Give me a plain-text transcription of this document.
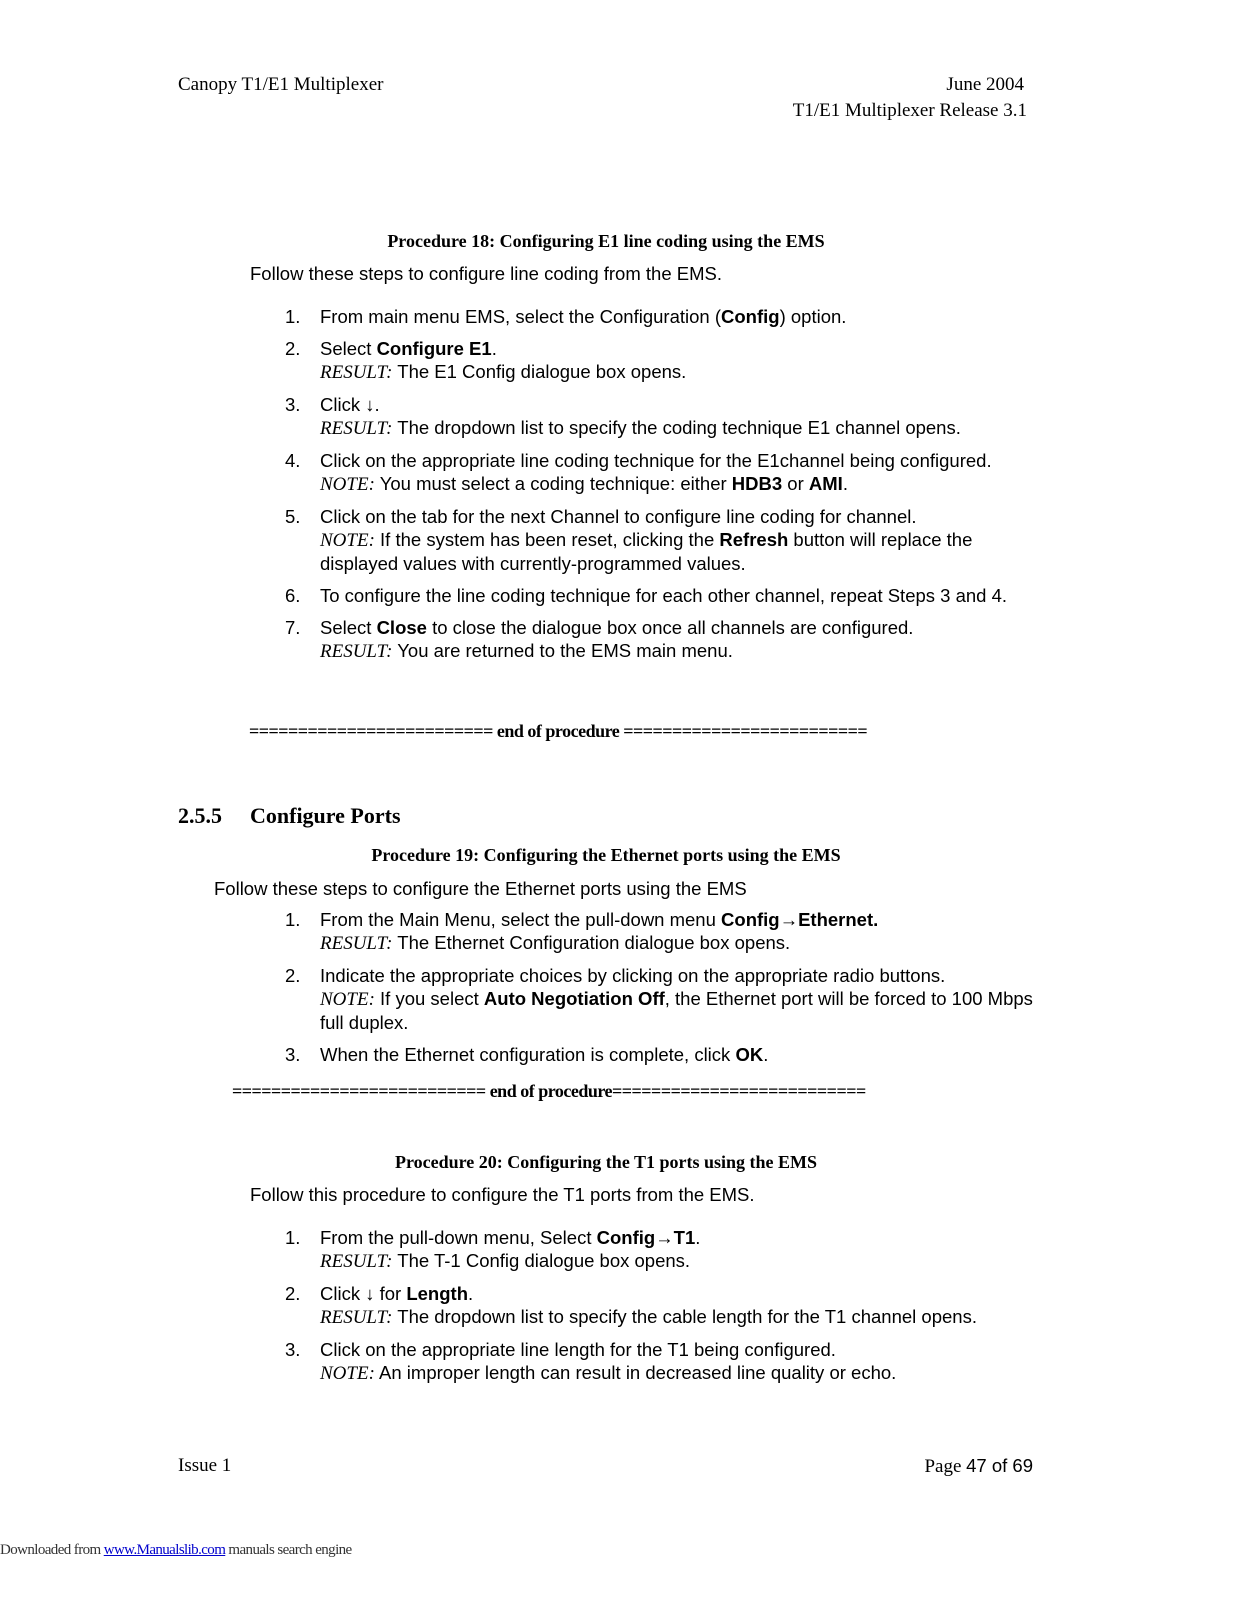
Canopy T1/E1 Multiplexer	June 2004
T1/E1 Multiplexer Release 3.1
Procedure 18: Configuring E1 line coding using the EMS
Follow these steps to configure line coding from the EMS.
1. From main menu EMS, select the Configuration (Config) option.
2. Select Configure E1.
RESULT: The E1 Config dialogue box opens.
3. Click ↓.
RESULT: The dropdown list to specify the coding technique E1 channel opens.
4. Click on the appropriate line coding technique for the E1channel being configured.
NOTE: You must select a coding technique: either HDB3 or AMI.
5. Click on the tab for the next Channel to configure line coding for channel.
NOTE: If the system has been reset, clicking the Refresh button will replace the displayed values with currently-programmed values.
6. To configure the line coding technique for each other channel, repeat Steps 3 and 4.
7. Select Close to close the dialogue box once all channels are configured.
RESULT: You are returned to the EMS main menu.
========================= end of procedure =========================
2.5.5 Configure Ports
Procedure 19: Configuring the Ethernet ports using the EMS
Follow these steps to configure the Ethernet ports using the EMS
1. From the Main Menu, select the pull-down menu Config→Ethernet.
RESULT: The Ethernet Configuration dialogue box opens.
2. Indicate the appropriate choices by clicking on the appropriate radio buttons.
NOTE: If you select Auto Negotiation Off, the Ethernet port will be forced to 100 Mbps full duplex.
3. When the Ethernet configuration is complete, click OK.
========================== end of procedure==========================
Procedure 20: Configuring the T1 ports using the EMS
Follow this procedure to configure the T1 ports from the EMS.
1. From the pull-down menu, Select Config→T1.
RESULT: The T-1 Config dialogue box opens.
2. Click ↓ for Length.
RESULT: The dropdown list to specify the cable length for the T1 channel opens.
3. Click on the appropriate line length for the T1 being configured.
NOTE: An improper length can result in decreased line quality or echo.
Issue 1	Page 47 of 69
Downloaded from www.Manualslib.com manuals search engine
